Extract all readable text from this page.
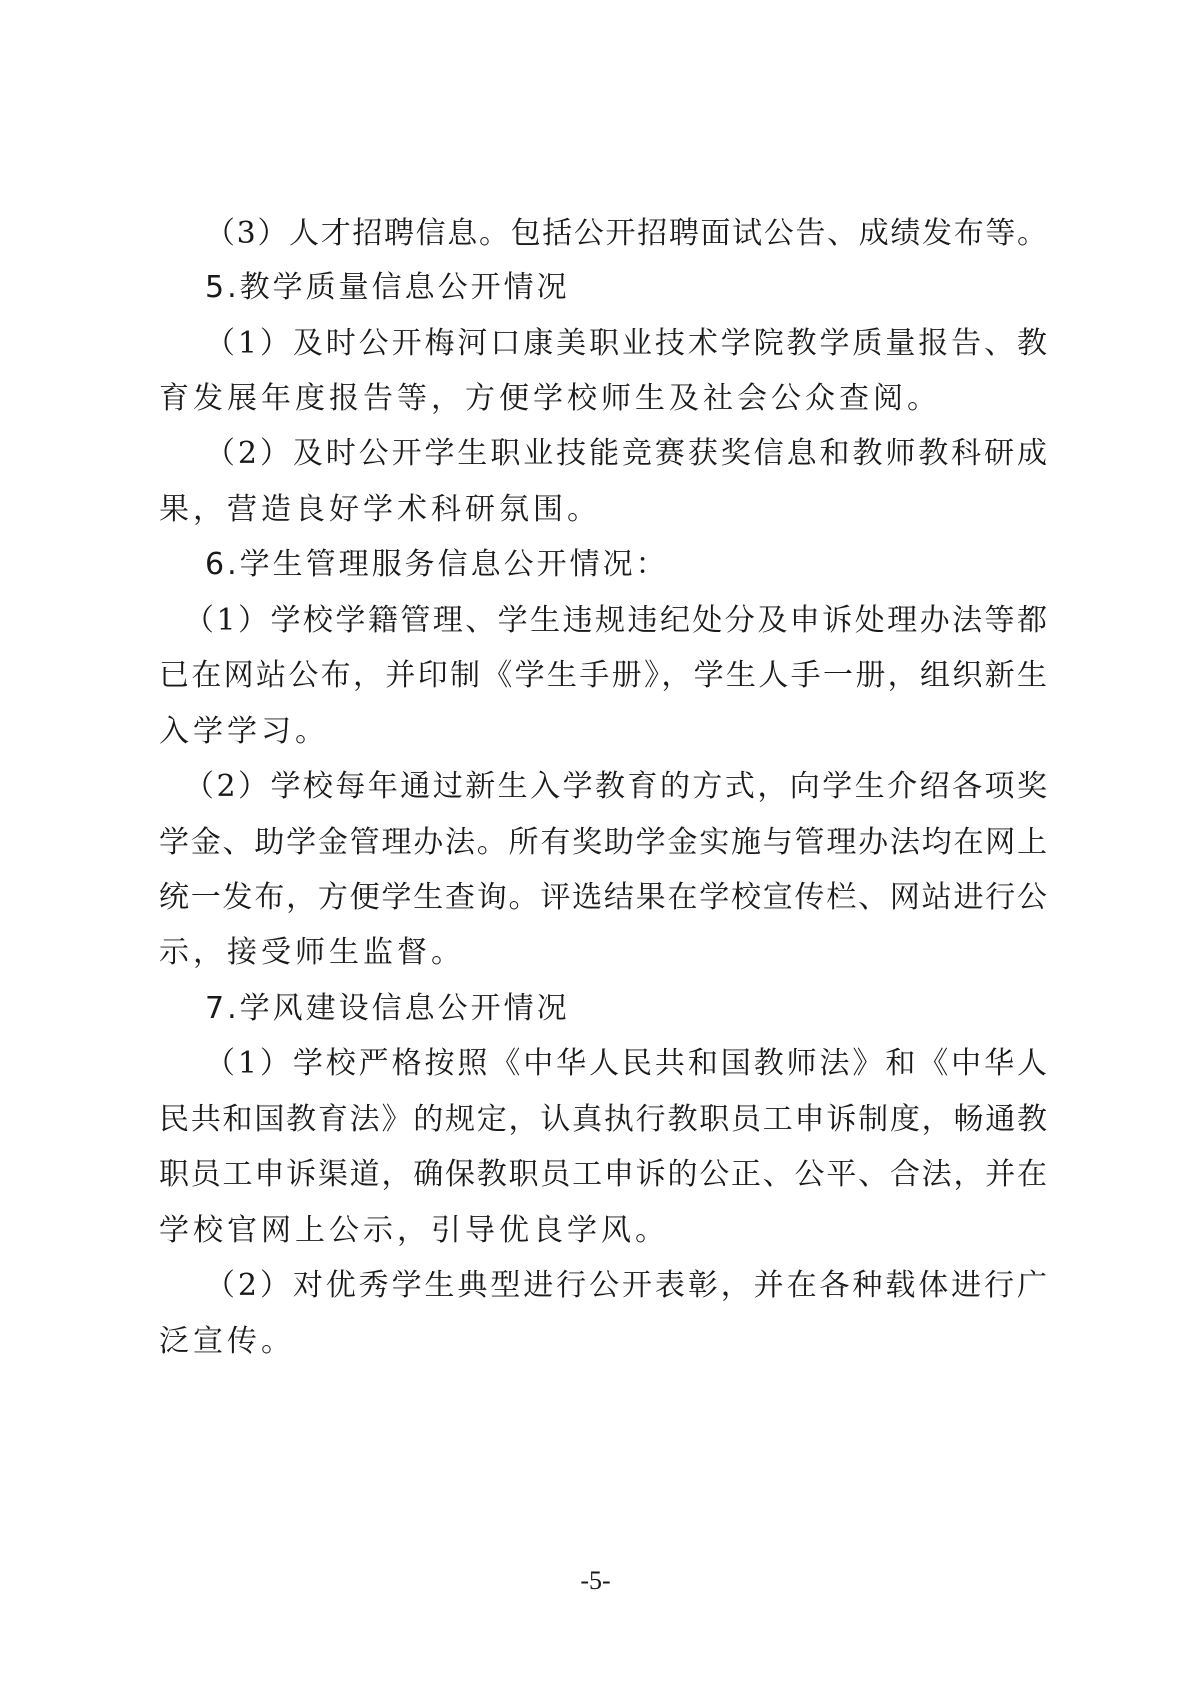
（3）人才招聘信息。包括公开招聘面试公告、成绩发布等。
5.教学质量信息公开情况
（1）及时公开梅河口康美职业技术学院教学质量报告、教
育发展年度报告等，方便学校师生及社会公众查阅。
（2）及时公开学生职业技能竞赛获奖信息和教师教科研成
果，营造良好学术科研氛围。
6.学生管理服务信息公开情况：
（1）学校学籍管理、学生违规违纪处分及申诉处理办法等都
已在网站公布，并印制《学生手册》，学生人手一册，组织新生
入学学习。
（2）学校每年通过新生入学教育的方式，向学生介绍各项奖
学金、助学金管理办法。所有奖助学金实施与管理办法均在网上
统一发布，方便学生查询。评选结果在学校宣传栏、网站进行公
示，接受师生监督。
7.学风建设信息公开情况
（1）学校严格按照《中华人民共和国教师法》和《中华人
民共和国教育法》的规定，认真执行教职员工申诉制度，畅通教
职员工申诉渠道，确保教职员工申诉的公正、公平、合法，并在
学校官网上公示，引导优良学风。
（2）对优秀学生典型进行公开表彰，并在各种载体进行广
泛宣传。
-5-
